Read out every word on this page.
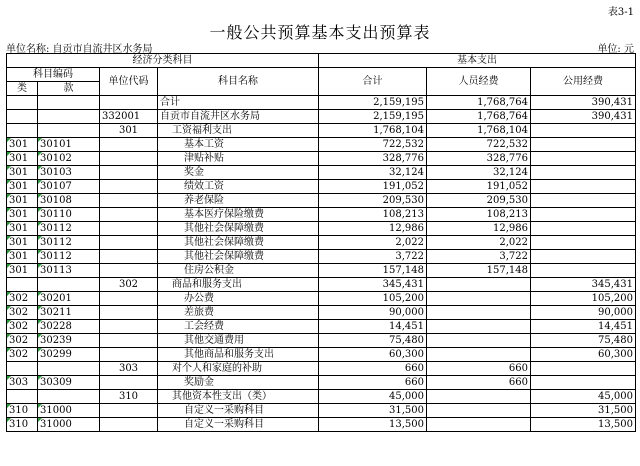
表3-1
一般公共预算基本支出预算表
单位名称: 自贡市自流井区水务局	单位: 元
经济分类科目				基本支出		
科目编码		单位代码	科目名称	合计	人员经费	公用经费
类	款					
			合计	2,159,195	1,768,764	390,431
		332001	自贡市自流井区水务局	2,159,195	1,768,764	390,431
		301	工资福利支出	1,768,104	1,768,104	
301	30101		基本工资	722,532	722,532	
301	30102		津贴补贴	328,776	328,776	
301	30103		奖金	32,124	32,124	
301	30107		绩效工资	191,052	191,052	
301	30108		养老保险	209,530	209,530	
301	30110		基本医疗保险缴费	108,213	108,213	
301	30112		其他社会保障缴费	12,986	12,986	
301	30112		其他社会保障缴费	2,022	2,022	
301	30112		其他社会保障缴费	3,722	3,722	
301	30113		住房公积金	157,148	157,148	
		302	商品和服务支出	345,431		345,431
302	30201		办公费	105,200		105,200
302	30211		差旅费	90,000		90,000
302	30228		工会经费	14,451		14,451
302	30239		其他交通费用	75,480		75,480
302	30299		其他商品和服务支出	60,300		60,300
		303	对个人和家庭的补助	660	660	
303	30309		奖励金	660	660	
		310	其他资本性支出（类）	45,000		45,000
310	31000		自定义一采购科目	31,500		31,500
310	31000		自定义一采购科目	13,500		13,500
